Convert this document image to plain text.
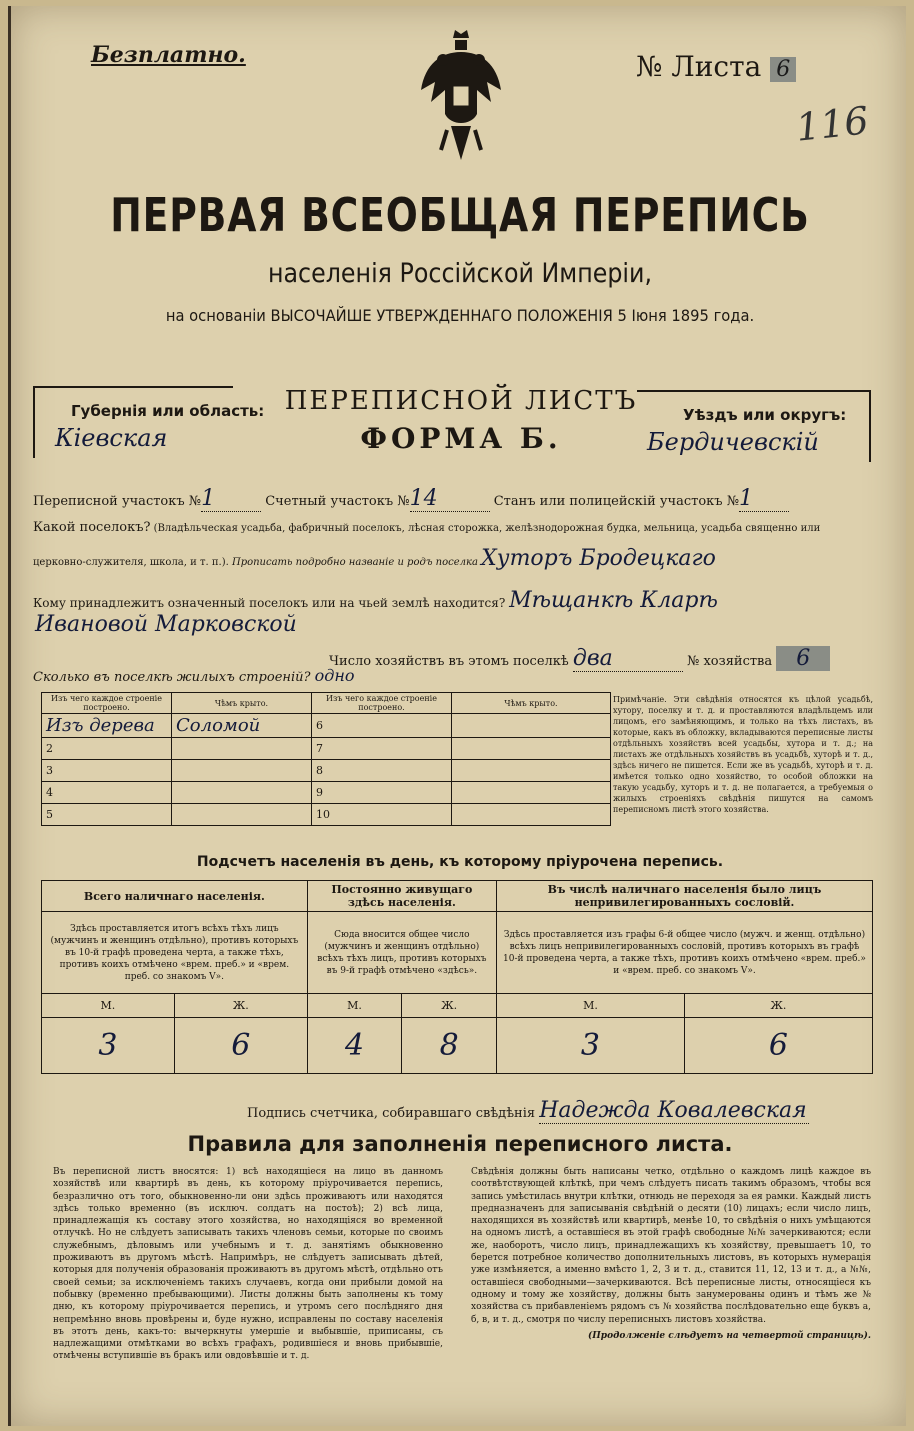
Безплатно.	№ Листа 6
116
ПЕРВАЯ ВСЕОБЩАЯ ПЕРЕПИСЬ
населенія Россійской Имперіи,
на основаніи ВЫСОЧАЙШЕ УТВЕРЖДЕННАГО ПОЛОЖЕНІЯ 5 Іюня 1895 года.
Губернія или область:
Кіевская
ПЕРЕПИСНОЙ ЛИСТЪ
ФОРМА Б.
Уѣздъ или округъ:
Бердичевскій
Переписной участокъ №1	Счетный участокъ №14	Станъ или полицейскій участокъ №1
Какой поселокъ? (Владѣльческая усадьба, фабричный поселокъ, лѣсная сторожка, желѣзнодорожная будка, мельница, усадьба священно или
церковно-служителя, школа, и т. п.). Прописать подробно названіе и родъ поселка Хуторъ Бродецкаго
Кому принадлежитъ означенный поселокъ или на чьей землѣ находится? Мѣщанкѣ Кларѣ
Ивановой Марковской
Число хозяйствъ въ этомъ поселкѣ два	№ хозяйства 6
Сколько въ поселкѣ жилыхъ строеній? одно
Изъ чего каждое строеніе построено.	Чѣмъ крыто.	Изъ чего каждое строеніе построено.	Чѣмъ крыто.
Изъ дерева	Соломой	6	
2		7	
3		8	
4		9	
5		10	
Примѣчаніе. Эти свѣдѣнія относятся къ цѣлой усадьбѣ, хутору, поселку и т. д. и проставляются владѣльцемъ или лицомъ, его замѣняющимъ, и только на тѣхъ листахъ, въ которые, какъ въ обложку, вкладываются переписные листы отдѣльныхъ хозяйствъ всей усадьбы, хутора и т. д.; на листахъ же отдѣльныхъ хозяйствъ въ усадьбѣ, хуторѣ и т. д., здѣсь ничего не пишется. Если же въ усадьбѣ, хуторѣ и т. д. имѣется только одно хозяйство, то особой обложки на такую усадьбу, хуторъ и т. д. не полагается, а требуемыя о жилыхъ строеніяхъ свѣдѣнія пишутся на самомъ переписномъ листѣ этого хозяйства.
Подсчетъ населенія въ день, къ которому пріурочена перепись.
Всего наличнаго населенія.		Постоянно живущаго здѣсь населенія.		Въ числѣ наличнаго населенія было лицъ непривилегированныхъ сословій.	
Здѣсь проставляется итогъ всѣхъ тѣхъ лицъ (мужчинъ и женщинъ отдѣльно), противъ которыхъ въ 10-й графѣ проведена черта, а также тѣхъ, противъ коихъ отмѣчено «врем. преб.» и «врем. преб. со знакомъ V».		Сюда вносится общее число (мужчинъ и женщинъ отдѣльно) всѣхъ тѣхъ лицъ, противъ которыхъ въ 9-й графѣ отмѣчено «здѣсь».		Здѣсь проставляется изъ графы 6-й общее число (мужч. и женщ. отдѣльно) всѣхъ лицъ непривилегированныхъ сословій, противъ которыхъ въ графѣ 10-й проведена черта, а также тѣхъ, противъ коихъ отмѣчено «врем. преб.» и «врем. преб. со знакомъ V».	
М.	Ж.	М.	Ж.	М.	Ж.
3	6	4	8	3	6
Подпись счетчика, собиравшаго свѣдѣнія Надежда Ковалевская
Правила для заполненія переписного листа.
Въ переписной листъ вносятся: 1) всѣ находящіеся на лицо въ данномъ хозяйствѣ или квартирѣ въ день, къ которому пріурочивается перепись, безразлично отъ того, обыкновенно-ли они здѣсь проживаютъ или находятся здѣсь только временно (въ исключ. солдатъ на постоѣ); 2) всѣ лица, принадлежащія къ составу этого хозяйства, но находящіяся во временной отлучкѣ. Но не слѣдуетъ записывать такихъ членовъ семьи, которые по своимъ служебнымъ, дѣловымъ или учебнымъ и т. д. занятіямъ обыкновенно проживаютъ въ другомъ мѣстѣ. Напримѣръ, не слѣдуетъ записывать дѣтей, которыя для полученія образованія проживаютъ въ другомъ мѣстѣ, отдѣльно отъ своей семьи; за исключеніемъ такихъ случаевъ, когда они прибыли домой на побывку (временно пребывающими). Листы должны быть заполнены къ тому дню, къ которому пріурочивается перепись, и утромъ сего послѣдняго дня непремѣнно вновь провѣрены и, буде нужно, исправлены по составу населенія въ этотъ день, какъ-то: вычеркнуты умершіе и выбывшіе, приписаны, съ надлежащими отмѣтками во всѣхъ графахъ, родившіеся и вновь прибывшіе, отмѣчены вступившіе въ бракъ или овдовѣвшіе и т. д.
Свѣдѣнія должны быть написаны четко, отдѣльно о каждомъ лицѣ каждое въ соотвѣтствующей клѣткѣ, при чемъ слѣдуетъ писать такимъ образомъ, чтобы вся запись умѣстилась внутри клѣтки, отнюдь не переходя за ея рамки. Каждый листъ предназначенъ для записыванія свѣдѣній о десяти (10) лицахъ; если число лицъ, находящихся въ хозяйствѣ или квартирѣ, менѣе 10, то свѣдѣнія о нихъ умѣщаются на одномъ листѣ, а оставшіеся въ этой графѣ свободные №№ зачеркиваются; если же, наоборотъ, число лицъ, принадлежащихъ къ хозяйству, превышаетъ 10, то берется потребное количество дополнительныхъ листовъ, въ которыхъ нумерація уже измѣняется, а именно вмѣсто 1, 2, 3 и т. д., ставится 11, 12, 13 и т. д., а №№, оставшіеся свободными—зачеркиваются. Всѣ переписные листы, относящіеся къ одному и тому же хозяйству, должны быть занумерованы одинъ и тѣмъ же № хозяйства съ прибавленіемъ рядомъ съ № хозяйства послѣдовательно еще буквъ а, б, в, и т. д., смотря по числу переписныхъ листовъ хозяйства.

(Продолженіе слѣдуетъ на четвертой страницѣ).
